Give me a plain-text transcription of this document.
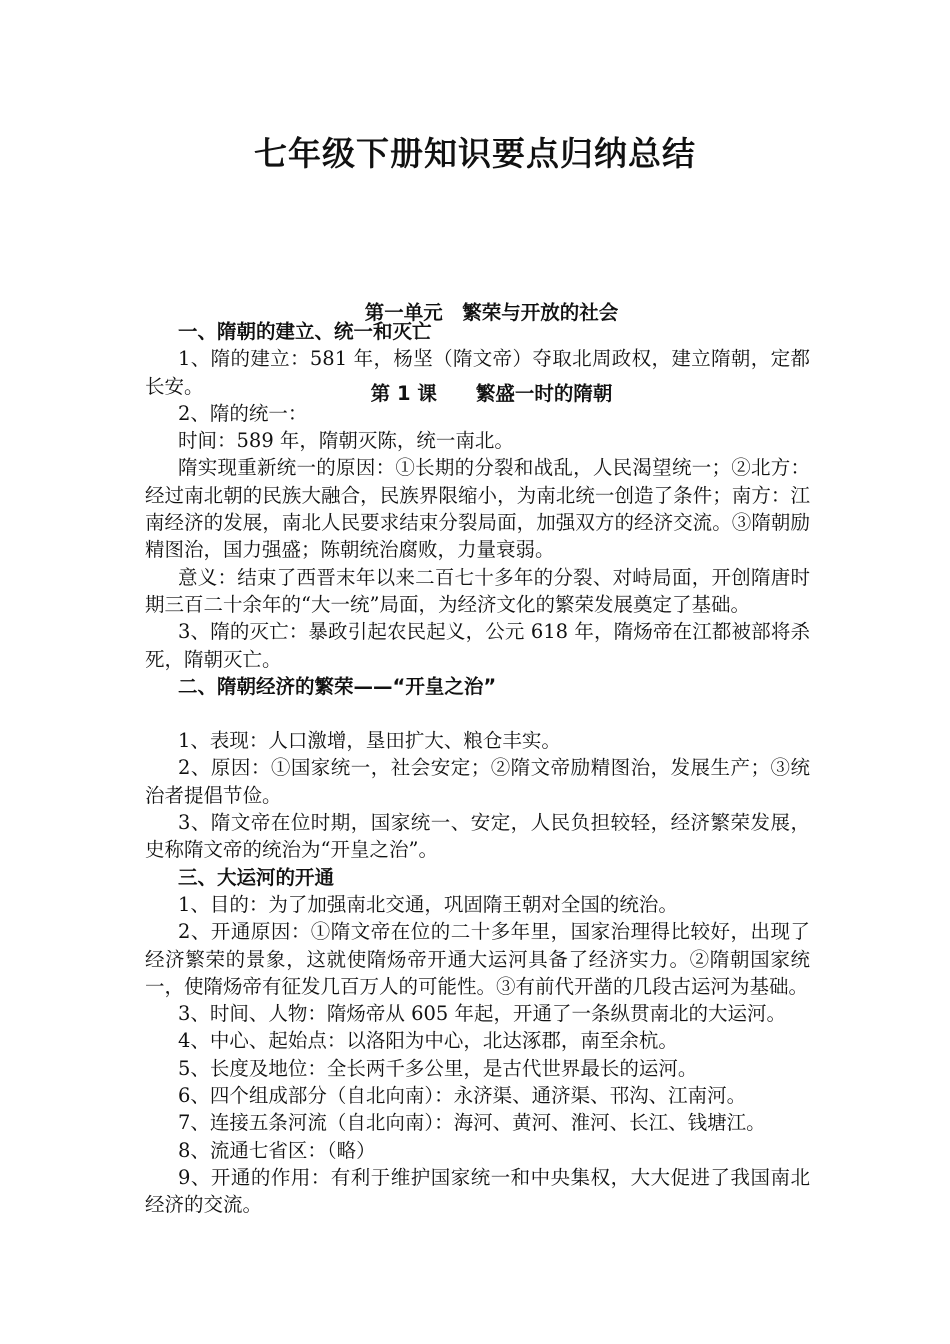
七年级下册知识要点归纳总结

第一单元　繁荣与开放的社会

第 1 课　　繁盛一时的隋朝

一、隋朝的建立、统一和灭亡

1、隋的建立：581 年，杨坚（隋文帝）夺取北周政权，建立隋朝，定都长安。

2、隋的统一：

时间：589 年，隋朝灭陈，统一南北。

隋实现重新统一的原因：①长期的分裂和战乱，人民渴望统一；②北方：经过南北朝的民族大融合，民族界限缩小，为南北统一创造了条件；南方：江南经济的发展，南北人民要求结束分裂局面，加强双方的经济交流。③隋朝励精图治，国力强盛；陈朝统治腐败，力量衰弱。

意义：结束了西晋末年以来二百七十多年的分裂、对峙局面，开创隋唐时期三百二十余年的“大一统”局面，为经济文化的繁荣发展奠定了基础。

3、隋的灭亡：暴政引起农民起义，公元 618 年，隋炀帝在江都被部将杀死，隋朝灭亡。

二、隋朝经济的繁荣——“开皇之治”

1、表现：人口激增，垦田扩大、粮仓丰实。

2、原因：①国家统一，社会安定；②隋文帝励精图治，发展生产；③统治者提倡节俭。

3、隋文帝在位时期，国家统一、安定，人民负担较轻，经济繁荣发展，史称隋文帝的统治为“开皇之治”。

三、大运河的开通

1、目的：为了加强南北交通，巩固隋王朝对全国的统治。

2、开通原因：①隋文帝在位的二十多年里，国家治理得比较好，出现了经济繁荣的景象，这就使隋炀帝开通大运河具备了经济实力。②隋朝国家统一，使隋炀帝有征发几百万人的可能性。③有前代开凿的几段古运河为基础。

3、时间、人物：隋炀帝从 605 年起，开通了一条纵贯南北的大运河。

4、中心、起始点：以洛阳为中心，北达涿郡，南至余杭。

5、长度及地位：全长两千多公里，是古代世界最长的运河。

6、四个组成部分（自北向南）：永济渠、通济渠、邗沟、江南河。

7、连接五条河流（自北向南）：海河、黄河、淮河、长江、钱塘江。

8、流通七省区：（略）

9、开通的作用：有利于维护国家统一和中央集权，大大促进了我国南北经济的交流。
